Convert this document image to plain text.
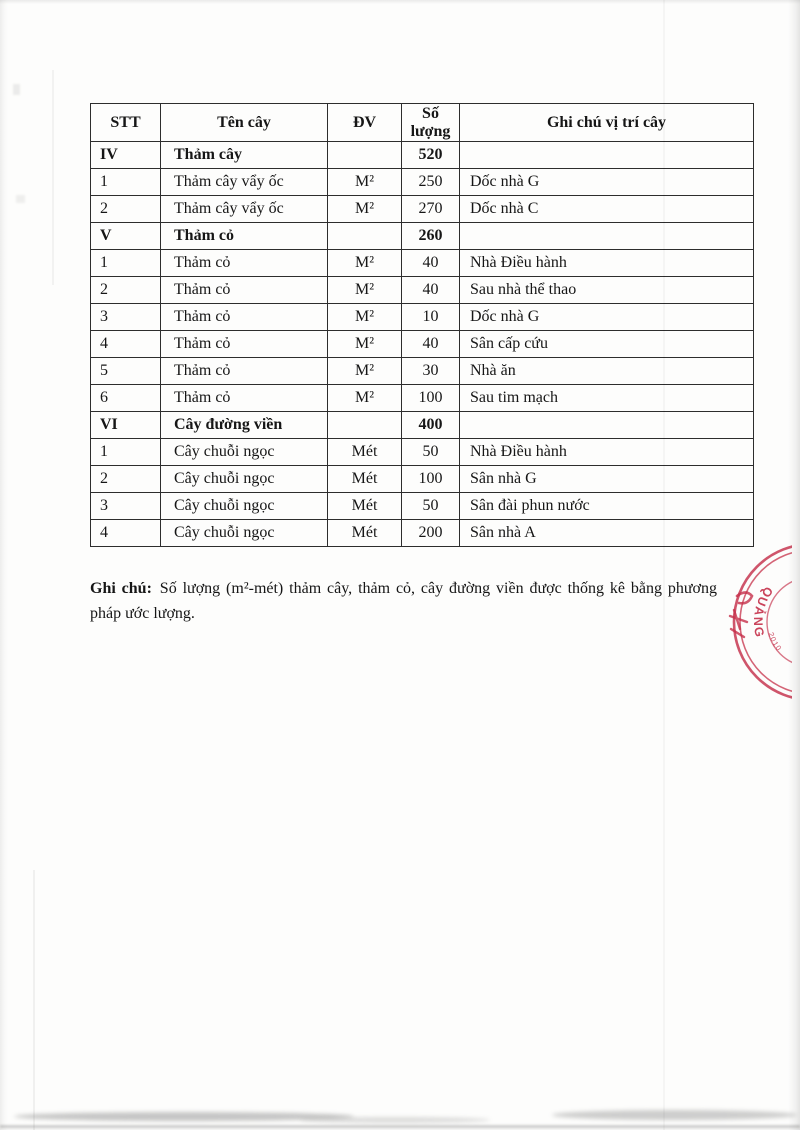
STT	Tên cây	ĐV	Số lượng	Ghi chú vị trí cây
IV	Thảm cây		520	
1	Thảm cây vẩy ốc	M²	250	Dốc nhà G
2	Thảm cây vẩy ốc	M²	270	Dốc nhà C
V	Thảm cỏ		260	
1	Thảm cỏ	M²	40	Nhà Điều hành
2	Thảm cỏ	M²	40	Sau nhà thể thao
3	Thảm cỏ	M²	10	Dốc nhà G
4	Thảm cỏ	M²	40	Sân cấp cứu
5	Thảm cỏ	M²	30	Nhà ăn
6	Thảm cỏ	M²	100	Sau tim mạch
VI	Cây đường viền		400	
1	Cây chuỗi ngọc	Mét	50	Nhà Điều hành
2	Cây chuỗi ngọc	Mét	100	Sân nhà G
3	Cây chuỗi ngọc	Mét	50	Sân đài phun nước
4	Cây chuỗi ngọc	Mét	200	Sân nhà A

Ghi chú: Số lượng (m²-mét) thảm cây, thảm cỏ, cây đường viền được thống kê bằng phương pháp ước lượng.

QUẢNG 2010
